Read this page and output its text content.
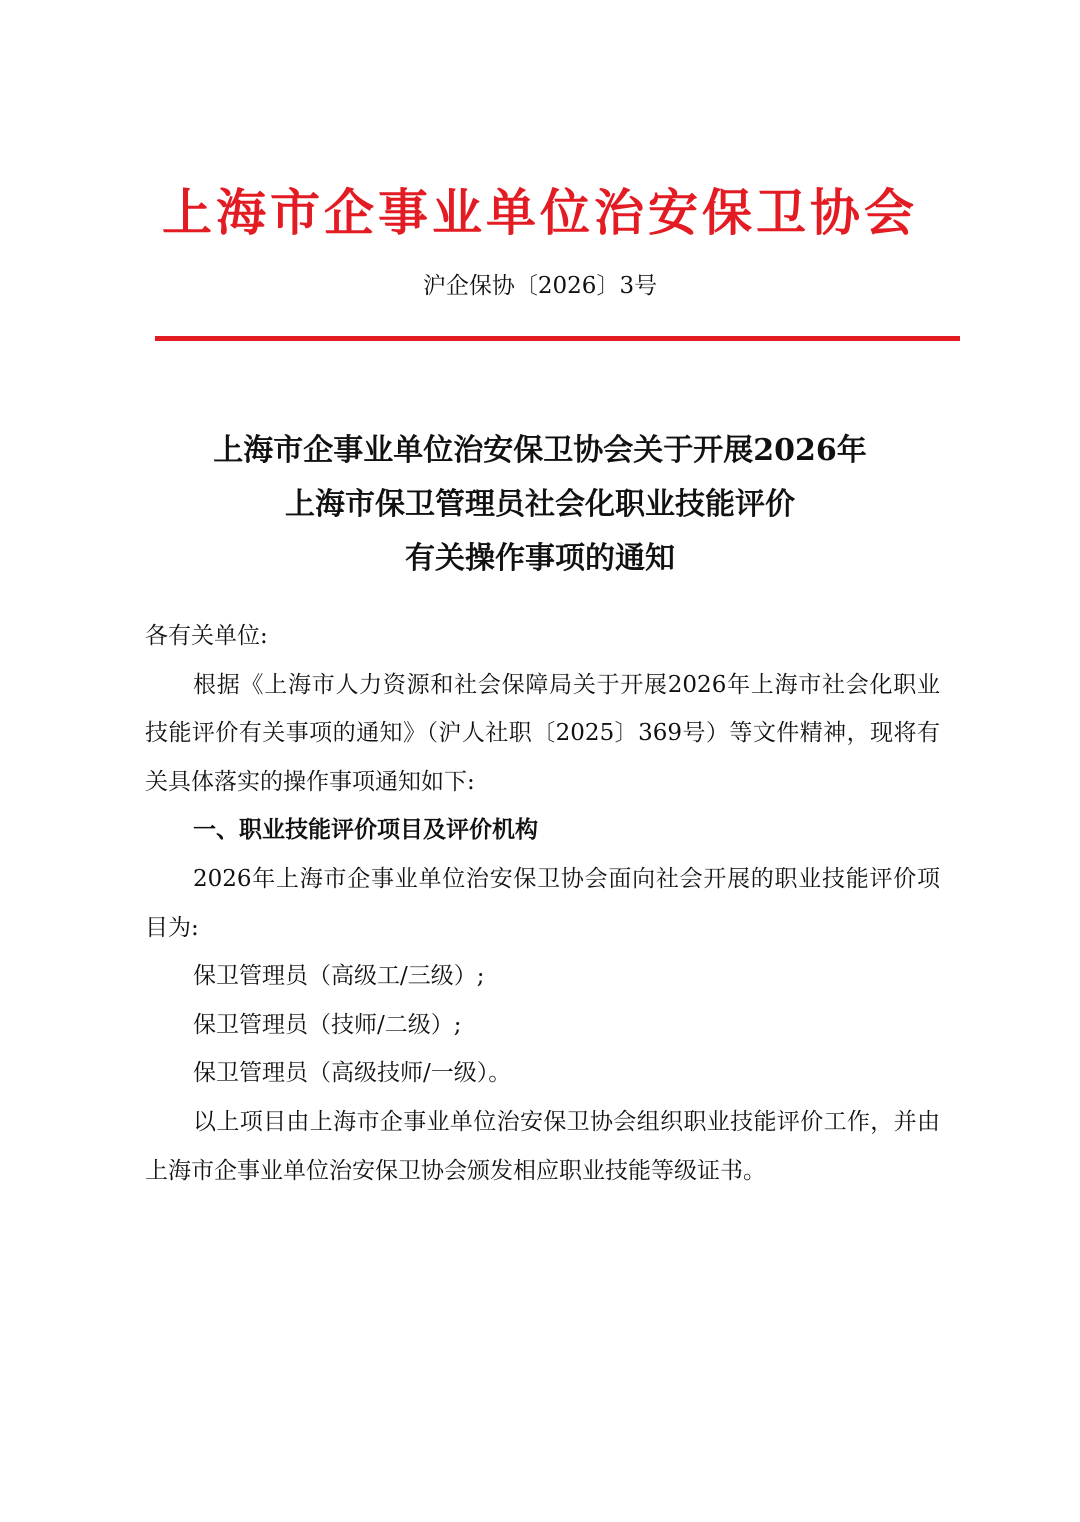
上海市企事业单位治安保卫协会
沪企保协〔2026〕3号
上海市企事业单位治安保卫协会关于开展2026年
上海市保卫管理员社会化职业技能评价
有关操作事项的通知

各有关单位:

根据《上海市人力资源和社会保障局关于开展2026年上海市社会化职业技能评价有关事项的通知》（沪人社职〔2025〕369号）等文件精神，现将有关具体落实的操作事项通知如下:

一、职业技能评价项目及评价机构

2026年上海市企事业单位治安保卫协会面向社会开展的职业技能评价项目为:

保卫管理员（高级工/三级）;

保卫管理员（技师/二级）;

保卫管理员（高级技师/一级）。

以上项目由上海市企事业单位治安保卫协会组织职业技能评价工作，并由上海市企事业单位治安保卫协会颁发相应职业技能等级证书。
